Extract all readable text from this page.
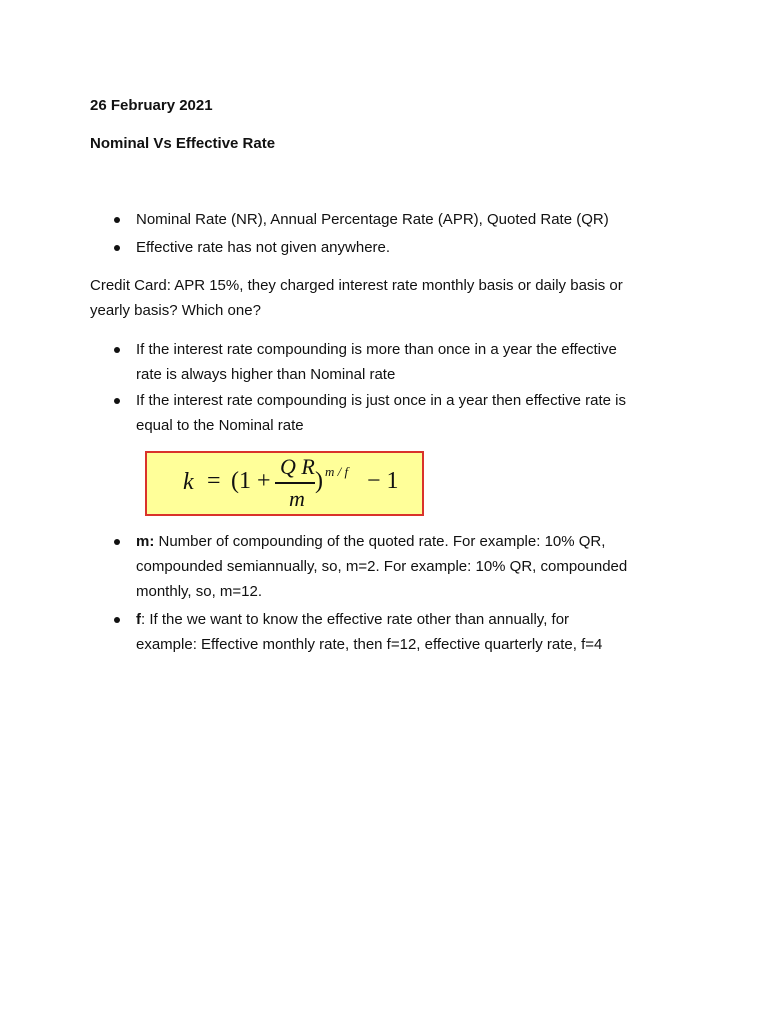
26 February 2021
Nominal Vs Effective Rate
Nominal Rate (NR), Annual Percentage Rate (APR), Quoted Rate (QR)
Effective rate has not given anywhere.
Credit Card: APR 15%, they charged interest rate monthly basis or daily basis or
yearly basis? Which one?
If the interest rate compounding is more than once in a year the effective
rate is always higher than Nominal rate
If the interest rate compounding is just once in a year then effective rate is
equal to the Nominal rate
k = (1 +
Q R
m
) m / f − 1
m: Number of compounding of the quoted rate. For example: 10% QR,
compounded semiannually, so, m=2. For example: 10% QR, compounded
monthly, so, m=12.
f: If the we want to know the effective rate other than annually, for
example: Effective monthly rate, then f=12, effective quarterly rate, f=4
